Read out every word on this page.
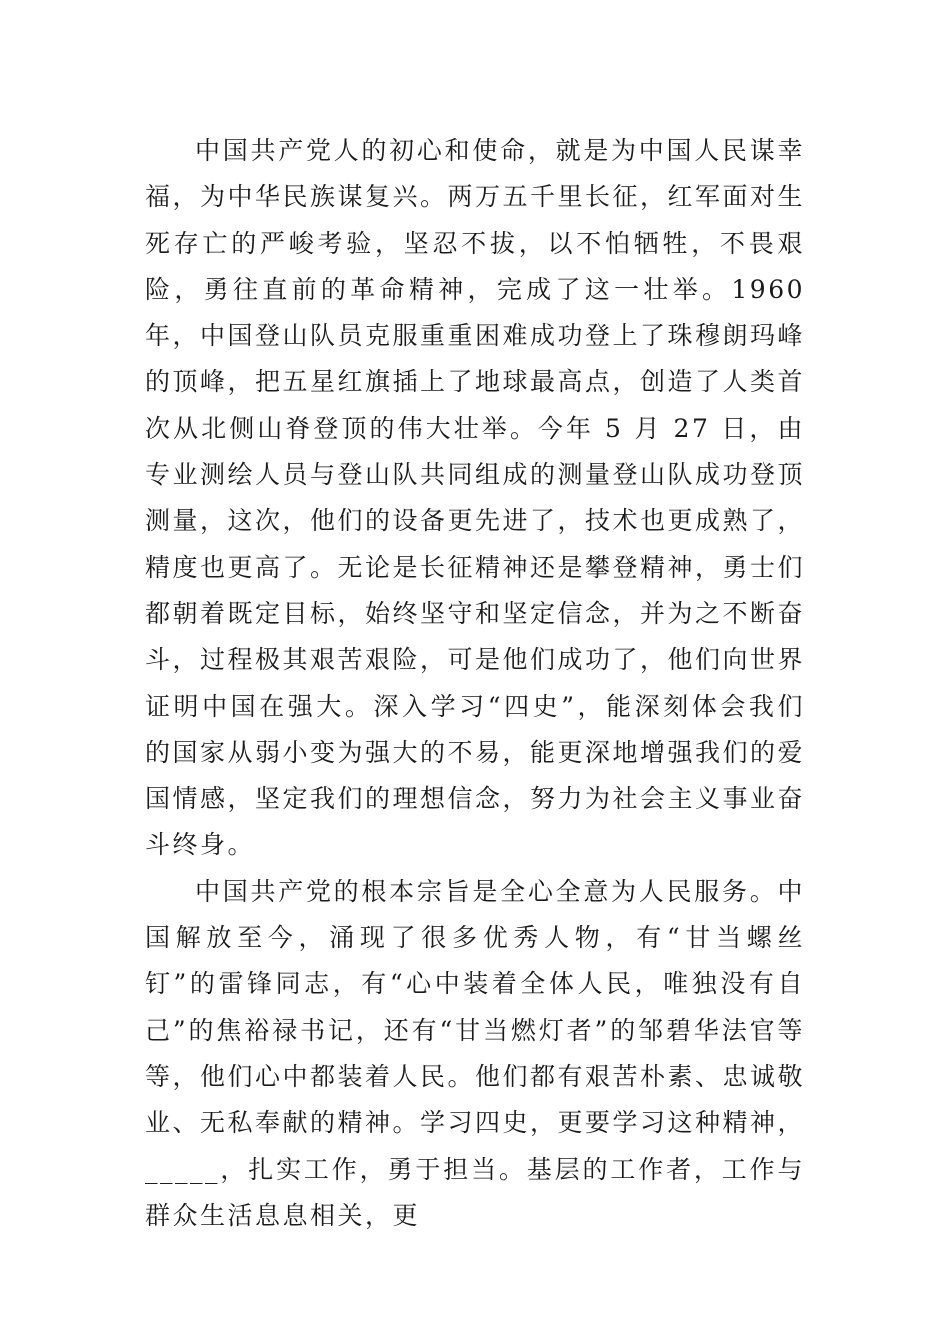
中国共产党人的初心和使命，就是为中国人民谋幸福，为中华民族谋复兴。两万五千里长征，红军面对生死存亡的严峻考验，坚忍不拔，以不怕牺牲，不畏艰险，勇往直前的革命精神，完成了这一壮举。1960 年，中国登山队员克服重重困难成功登上了珠穆朗玛峰的顶峰，把五星红旗插上了地球最高点，创造了人类首次从北侧山脊登顶的伟大壮举。今年 5 月 27 日，由专业测绘人员与登山队共同组成的测量登山队成功登顶测量，这次，他们的设备更先进了，技术也更成熟了，精度也更高了。无论是长征精神还是攀登精神，勇士们都朝着既定目标，始终坚守和坚定信念，并为之不断奋斗，过程极其艰苦艰险，可是他们成功了，他们向世界证明中国在强大。深入学习“四史”，能深刻体会我们的国家从弱小变为强大的不易，能更深地增强我们的爱国情感，坚定我们的理想信念，努力为社会主义事业奋斗终身。

中国共产党的根本宗旨是全心全意为人民服务。中国解放至今，涌现了很多优秀人物，有“甘当螺丝钉”的雷锋同志，有“心中装着全体人民，唯独没有自己”的焦裕禄书记，还有“甘当燃灯者”的邹碧华法官等等，他们心中都装着人民。他们都有艰苦朴素、忠诚敬业、无私奉献的精神。学习四史，更要学习这种精神，_____，扎实工作，勇于担当。基层的工作者，工作与群众生活息息相关，更
